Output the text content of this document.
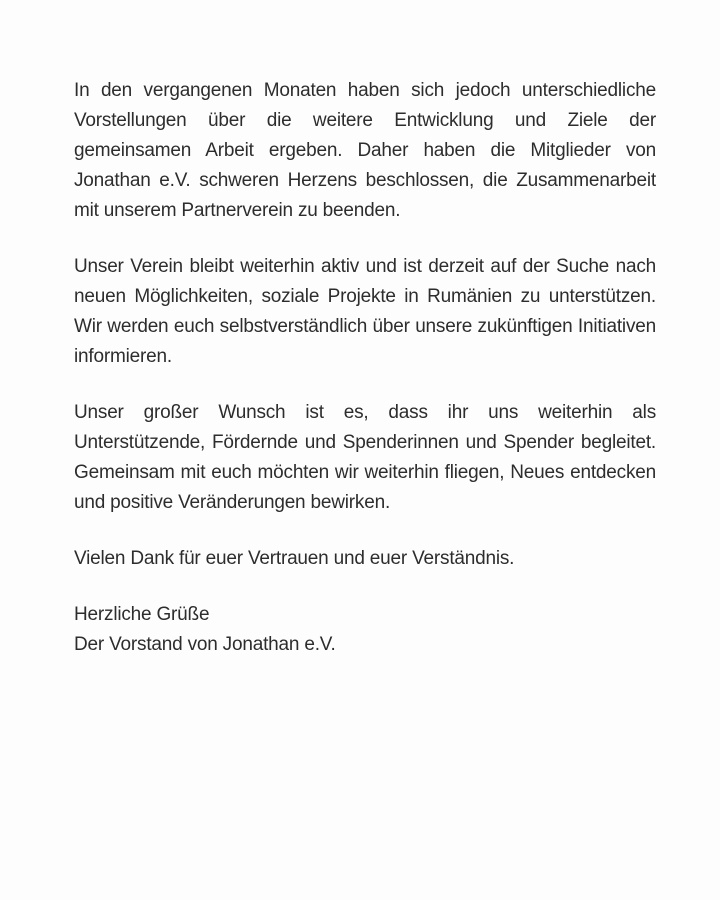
In den vergangenen Monaten haben sich jedoch unterschiedliche Vorstellungen über die weitere Entwicklung und Ziele der gemeinsamen Arbeit ergeben. Daher haben die Mitglieder von Jonathan e.V. schweren Herzens beschlossen, die Zusammenarbeit mit unserem Partnerverein zu beenden.

Unser Verein bleibt weiterhin aktiv und ist derzeit auf der Suche nach neuen Möglichkeiten, soziale Projekte in Rumänien zu unterstützen. Wir werden euch selbstverständlich über unsere zukünftigen Initiativen informieren.

Unser großer Wunsch ist es, dass ihr uns weiterhin als Unterstützende, Fördernde und Spenderinnen und Spender begleitet. Gemeinsam mit euch möchten wir weiterhin fliegen, Neues entdecken und positive Veränderungen bewirken.

Vielen Dank für euer Vertrauen und euer Verständnis.

Herzliche Grüße
Der Vorstand von Jonathan e.V.
